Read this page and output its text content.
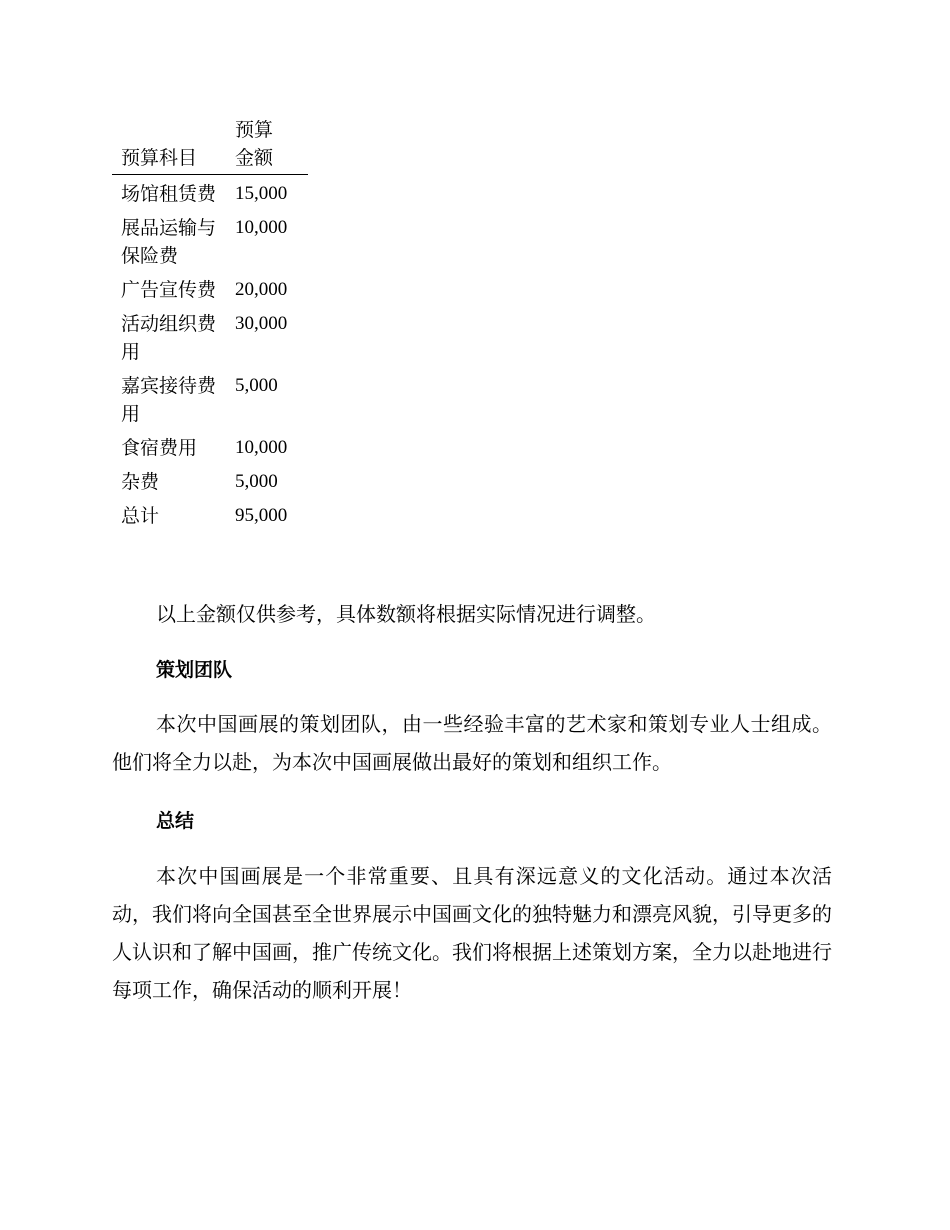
预算科目	预算
金额
场馆租赁费	15,000
展品运输与保险费	10,000
广告宣传费	20,000
活动组织费用	30,000
嘉宾接待费用	5,000
食宿费用	10,000
杂费	5,000
总计	95,000

以上金额仅供参考，具体数额将根据实际情况进行调整。

策划团队

本次中国画展的策划团队，由一些经验丰富的艺术家和策划专业人士组成。他们将全力以赴，为本次中国画展做出最好的策划和组织工作。

总结

本次中国画展是一个非常重要、且具有深远意义的文化活动。通过本次活动，我们将向全国甚至全世界展示中国画文化的独特魅力和漂亮风貌，引导更多的人认识和了解中国画，推广传统文化。我们将根据上述策划方案，全力以赴地进行每项工作，确保活动的顺利开展！
